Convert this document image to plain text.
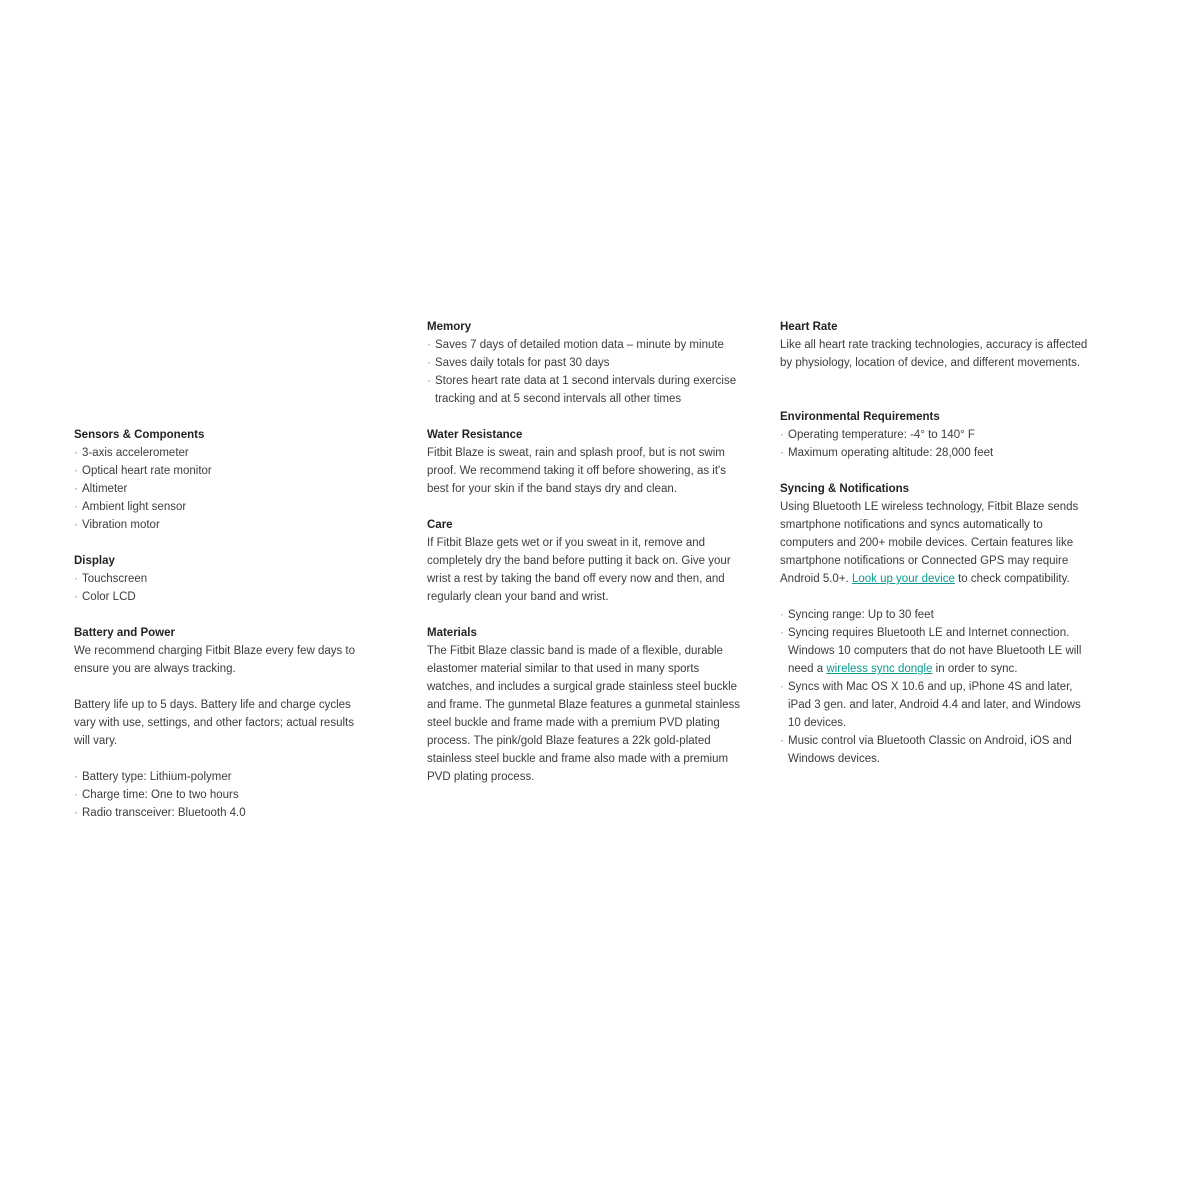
Sensors & Components
· 3-axis accelerometer
· Optical heart rate monitor
· Altimeter
· Ambient light sensor
· Vibration motor
Display
· Touchscreen
· Color LCD
Battery and Power

We recommend charging Fitbit Blaze every few days to ensure you are always tracking.

Battery life up to 5 days. Battery life and charge cycles vary with use, settings, and other factors; actual results will vary.

· Battery type: Lithium-polymer
· Charge time: One to two hours
· Radio transceiver: Bluetooth 4.0
Memory
· Saves 7 days of detailed motion data – minute by minute
· Saves daily totals for past 30 days
· Stores heart rate data at 1 second intervals during exercise tracking and at 5 second intervals all other times
Water Resistance

Fitbit Blaze is sweat, rain and splash proof, but is not swim proof. We recommend taking it off before showering, as it's best for your skin if the band stays dry and clean.

Care

If Fitbit Blaze gets wet or if you sweat in it, remove and completely dry the band before putting it back on. Give your wrist a rest by taking the band off every now and then, and regularly clean your band and wrist.

Materials

The Fitbit Blaze classic band is made of a flexible, durable elastomer material similar to that used in many sports watches, and includes a surgical grade stainless steel buckle and frame. The gunmetal Blaze features a gunmetal stainless steel buckle and frame made with a premium PVD plating process. The pink/gold Blaze features a 22k gold-plated stainless steel buckle and frame also made with a premium PVD plating process.

Heart Rate

Like all heart rate tracking technologies, accuracy is affected by physiology, location of device, and different movements.

Environmental Requirements
· Operating temperature: -4° to 140° F
· Maximum operating altitude: 28,000 feet
Syncing & Notifications

Using Bluetooth LE wireless technology, Fitbit Blaze sends smartphone notifications and syncs automatically to computers and 200+ mobile devices. Certain features like smartphone notifications or Connected GPS may require Android 5.0+. Look up your device to check compatibility.

· Syncing range: Up to 30 feet
· Syncing requires Bluetooth LE and Internet connection. Windows 10 computers that do not have Bluetooth LE will need a wireless sync dongle in order to sync.
· Syncs with Mac OS X 10.6 and up, iPhone 4S and later, iPad 3 gen. and later, Android 4.4 and later, and Windows 10 devices.
· Music control via Bluetooth Classic on Android, iOS and Windows devices.
